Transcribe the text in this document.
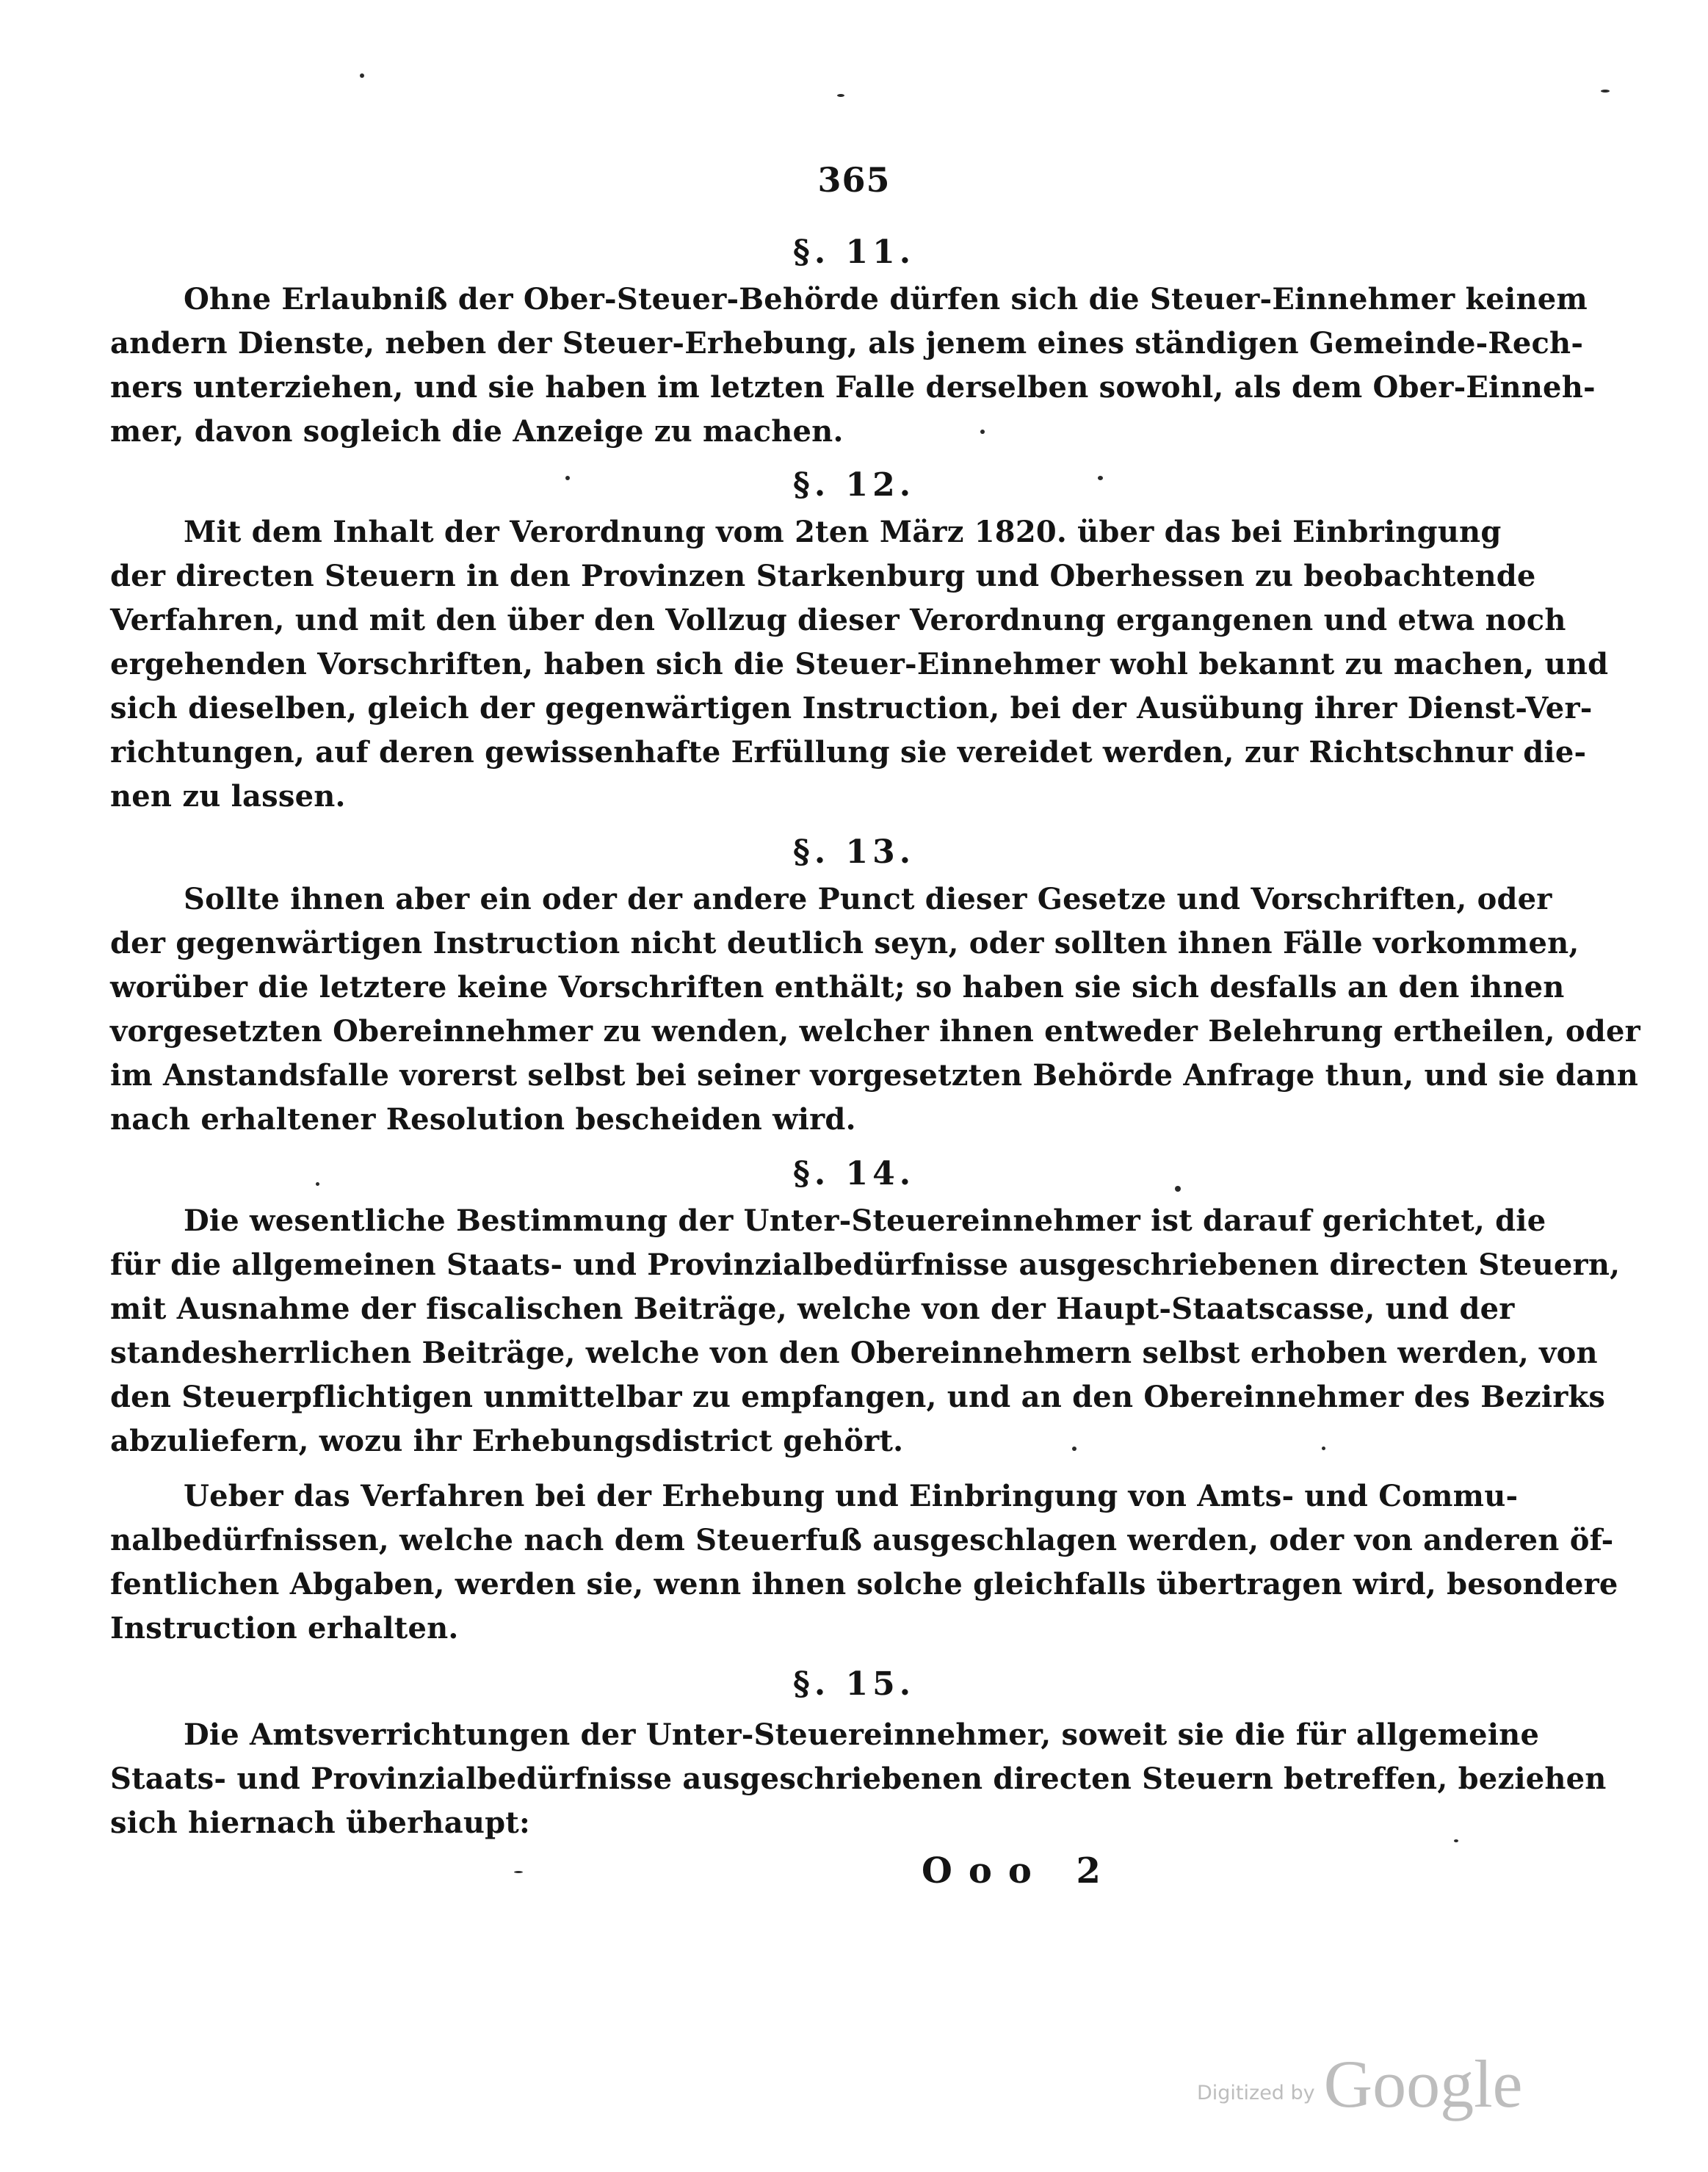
365
§. 11.
Ohne Erlaubniß der Ober-Steuer-Behörde dürfen sich die Steuer-Einnehmer keinem
andern Dienste, neben der Steuer-Erhebung, als jenem eines ständigen Gemeinde-Rech-
ners unterziehen, und sie haben im letzten Falle derselben sowohl, als dem Ober-Einneh-
mer, davon sogleich die Anzeige zu machen.
§. 12.
Mit dem Inhalt der Verordnung vom 2ten März 1820. über das bei Einbringung
der directen Steuern in den Provinzen Starkenburg und Oberhessen zu beobachtende
Verfahren, und mit den über den Vollzug dieser Verordnung ergangenen und etwa noch
ergehenden Vorschriften, haben sich die Steuer-Einnehmer wohl bekannt zu machen, und
sich dieselben, gleich der gegenwärtigen Instruction, bei der Ausübung ihrer Dienst-Ver-
richtungen, auf deren gewissenhafte Erfüllung sie vereidet werden, zur Richtschnur die-
nen zu lassen.
§. 13.
Sollte ihnen aber ein oder der andere Punct dieser Gesetze und Vorschriften, oder
der gegenwärtigen Instruction nicht deutlich seyn, oder sollten ihnen Fälle vorkommen,
worüber die letztere keine Vorschriften enthält; so haben sie sich desfalls an den ihnen
vorgesetzten Obereinnehmer zu wenden, welcher ihnen entweder Belehrung ertheilen, oder
im Anstandsfalle vorerst selbst bei seiner vorgesetzten Behörde Anfrage thun, und sie dann
nach erhaltener Resolution bescheiden wird.
§. 14.
Die wesentliche Bestimmung der Unter-Steuereinnehmer ist darauf gerichtet, die
für die allgemeinen Staats- und Provinzialbedürfnisse ausgeschriebenen directen Steuern,
mit Ausnahme der fiscalischen Beiträge, welche von der Haupt-Staatscasse, und der
standesherrlichen Beiträge, welche von den Obereinnehmern selbst erhoben werden, von
den Steuerpflichtigen unmittelbar zu empfangen, und an den Obereinnehmer des Bezirks
abzuliefern, wozu ihr Erhebungsdistrict gehört.
Ueber das Verfahren bei der Erhebung und Einbringung von Amts- und Commu-
nalbedürfnissen, welche nach dem Steuerfuß ausgeschlagen werden, oder von anderen öf-
fentlichen Abgaben, werden sie, wenn ihnen solche gleichfalls übertragen wird, besondere
Instruction erhalten.
§. 15.
Die Amtsverrichtungen der Unter-Steuereinnehmer, soweit sie die für allgemeine
Staats- und Provinzialbedürfnisse ausgeschriebenen directen Steuern betreffen, beziehen
sich hiernach überhaupt:
Ooo 2
Digitized by Google
